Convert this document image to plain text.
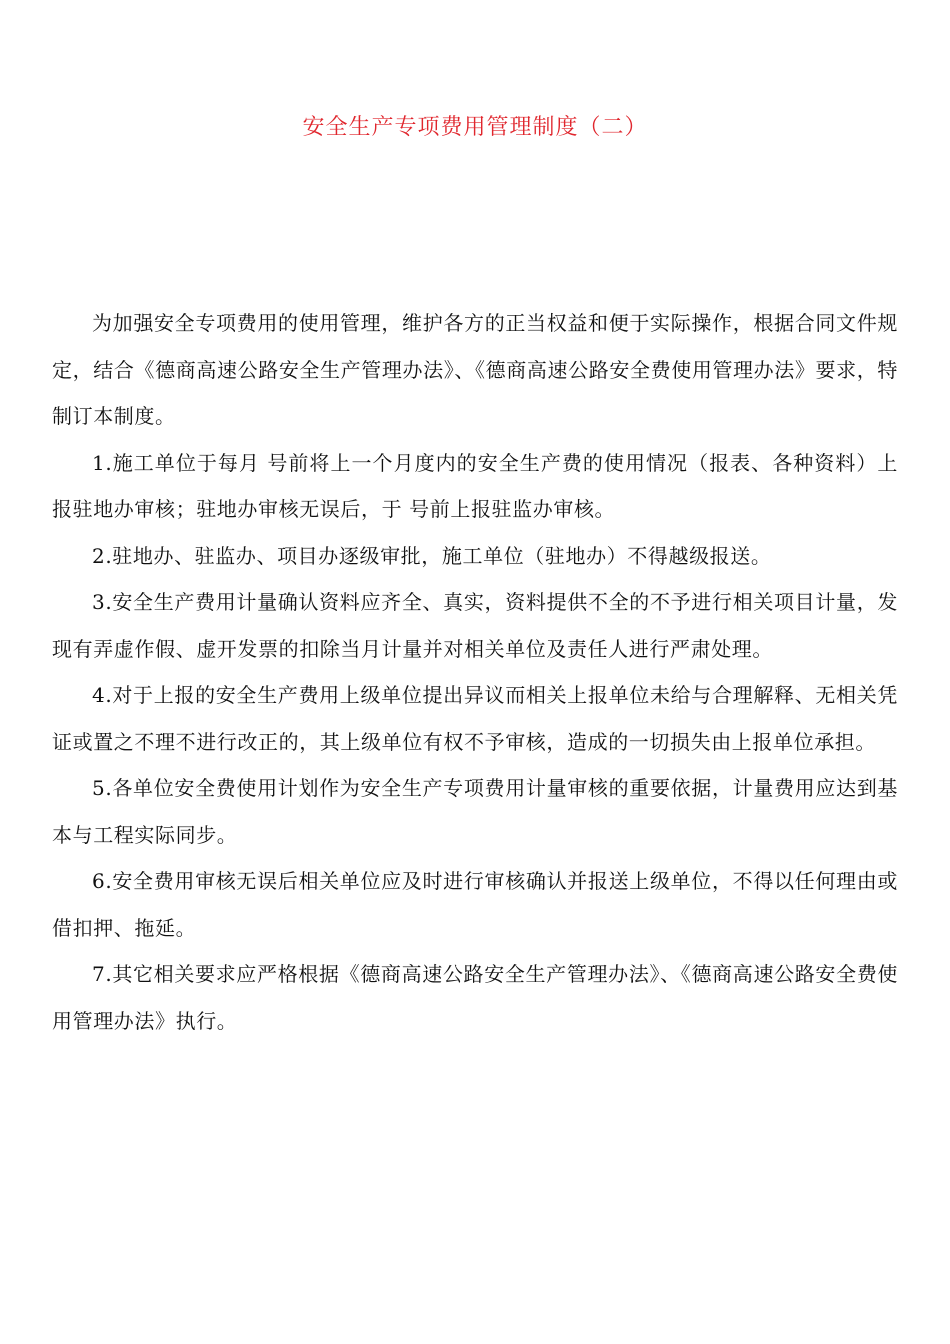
安全生产专项费用管理制度（二）

为加强安全专项费用的使用管理，维护各方的正当权益和便于实际操作，根据合同文件规定，结合《德商高速公路安全生产管理办法》、《德商高速公路安全费使用管理办法》要求，特制订本制度。

1.施工单位于每月 号前将上一个月度内的安全生产费的使用情况（报表、各种资料）上报驻地办审核；驻地办审核无误后，于 号前上报驻监办审核。

2.驻地办、驻监办、项目办逐级审批，施工单位（驻地办）不得越级报送。

3.安全生产费用计量确认资料应齐全、真实，资料提供不全的不予进行相关项目计量，发现有弄虚作假、虚开发票的扣除当月计量并对相关单位及责任人进行严肃处理。

4.对于上报的安全生产费用上级单位提出异议而相关上报单位未给与合理解释、无相关凭证或置之不理不进行改正的，其上级单位有权不予审核，造成的一切损失由上报单位承担。

5.各单位安全费使用计划作为安全生产专项费用计量审核的重要依据，计量费用应达到基本与工程实际同步。

6.安全费用审核无误后相关单位应及时进行审核确认并报送上级单位，不得以任何理由或借扣押、拖延。

7.其它相关要求应严格根据《德商高速公路安全生产管理办法》、《德商高速公路安全费使用管理办法》执行。
